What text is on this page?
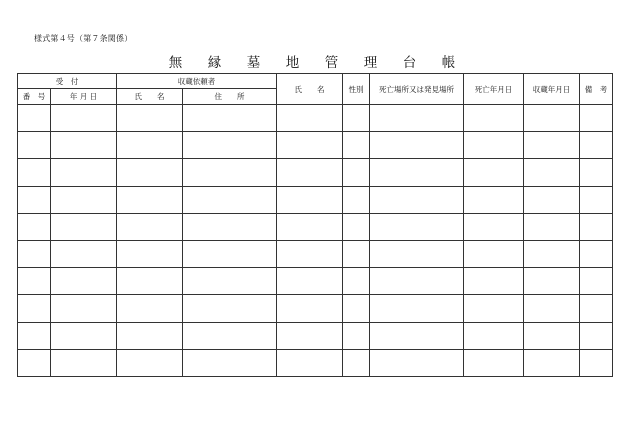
様式第４号（第７条関係）
無　縁　墓　地　管　理　台　帳
受　付		収蔵依頼者		氏　　名	性別	死亡場所又は発見場所	死亡年月日	収蔵年月日	備　考
番　号	年 月 日	氏　　名	住　　所						
